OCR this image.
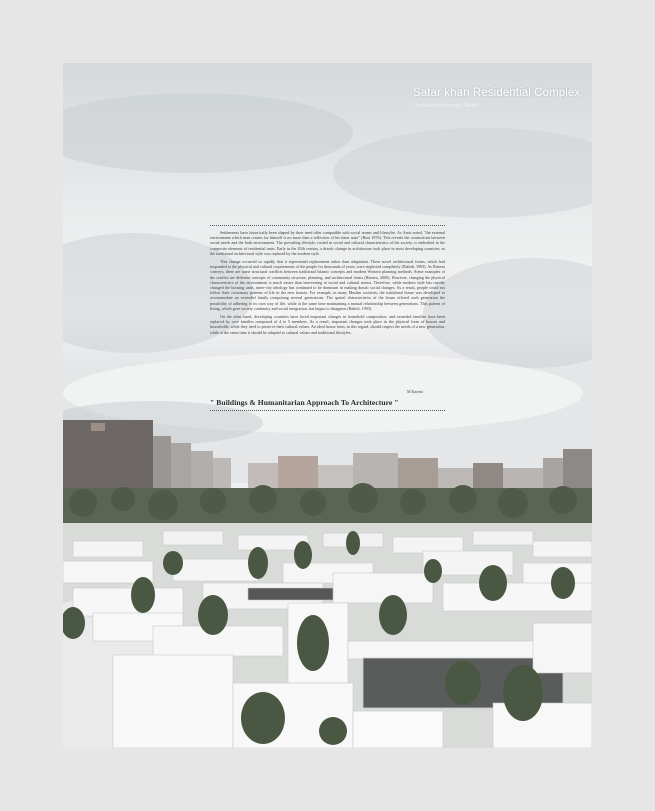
Satar khan Residential Complex,
Architecture concept (Tabriz)

Settlements have historically been shaped by their need offer compatible with social norms and lifestyles. As Amir noted, "the external environment which man creates for himself is no more than a reflection of his inner state" (Rust 1976). This reveals the connections between social needs and the built environment. The prevailing lifestyle, rooted in social and cultural characteristics of the society, is embodied in the composite elements of residential units. Early in the 20th century, a drastic change in architecture took place in most developing countries, as the traditional architectural style was replaced by the modern style.

This change occurred so rapidly that it represented replacement rather than adaptation. These novel architectural forms, which had responded to the physical and cultural requirements of the people for thousands of years, were neglected completely (Bahidi, 1993). As Rimera conveys, there are some structural conflicts between traditional Islamic concepts and modern Western planning methods. Some examples of the conflict are different concepts of community structure, planning, and architectural forms (Rimera, 2000). However, changing the physical characteristics of the environment is much easier than intervening in social and cultural norms. Therefore, while modern style has rapidly changed the housing units, inner-city ideology has continued to be dominant in making drastic social changes. As a result, people could not follow their customary patterns of life in the new houses. For example, in many Muslim societies, the traditional house was developed to accommodate an extended family comprising several generations. The spatial characteristics of the house offered each generation the possibility of adhering to its own way of life, while at the same time maintaining a mutual relationship between generations. This pattern of living, which gave society continuity and social integration, has begun to disappear (Bahidi, 1993).

On the other hand, developing countries have faced important changes in household composition, and extended families have been replaced by core families composed of 4 to 5 members. As a result, important changes took place in the physical form of houses and households, while they tried to preserve their cultural values. An ideal house form, in this regard, should respect the needs of a new generation, while at the same time it should be adapted to cultural values and traditional lifestyles.

M.Karimi
" Buildings & Humanitarian Approach To Architecture "
